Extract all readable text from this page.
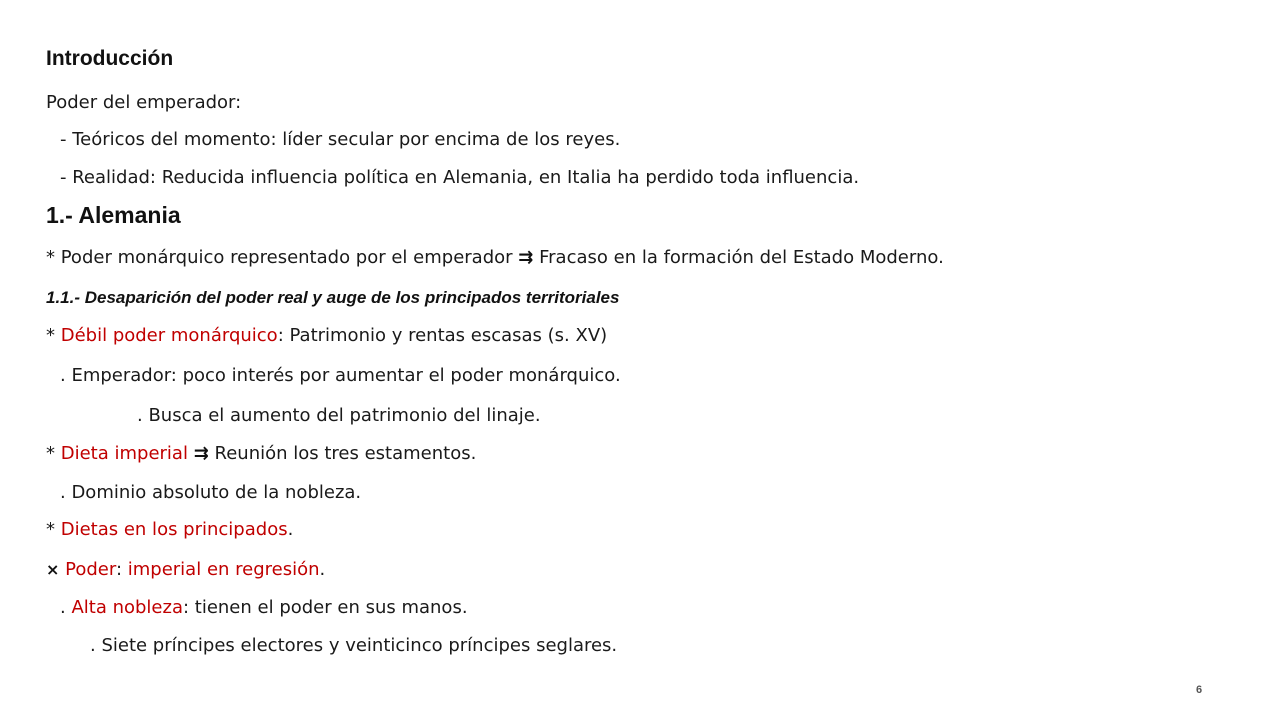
Introducción
Poder del emperador:
- Teóricos del momento: líder secular por encima de los reyes.
- Realidad: Reducida influencia política en Alemania, en Italia ha perdido toda influencia.
1.- Alemania
* Poder monárquico representado por el emperador ⇉ Fracaso en la formación del Estado Moderno.
1.1.- Desaparición del poder real y auge de los principados territoriales
* Débil poder monárquico: Patrimonio y rentas escasas (s. XV)
. Emperador: poco interés por aumentar el poder monárquico.
. Busca el aumento del patrimonio del linaje.
* Dieta imperial ⇉ Reunión los tres estamentos.
. Dominio absoluto de la nobleza.
* Dietas en los principados.
× Poder: imperial en regresión.
. Alta nobleza: tienen el poder en sus manos.
. Siete príncipes electores y veinticinco príncipes seglares.
6
